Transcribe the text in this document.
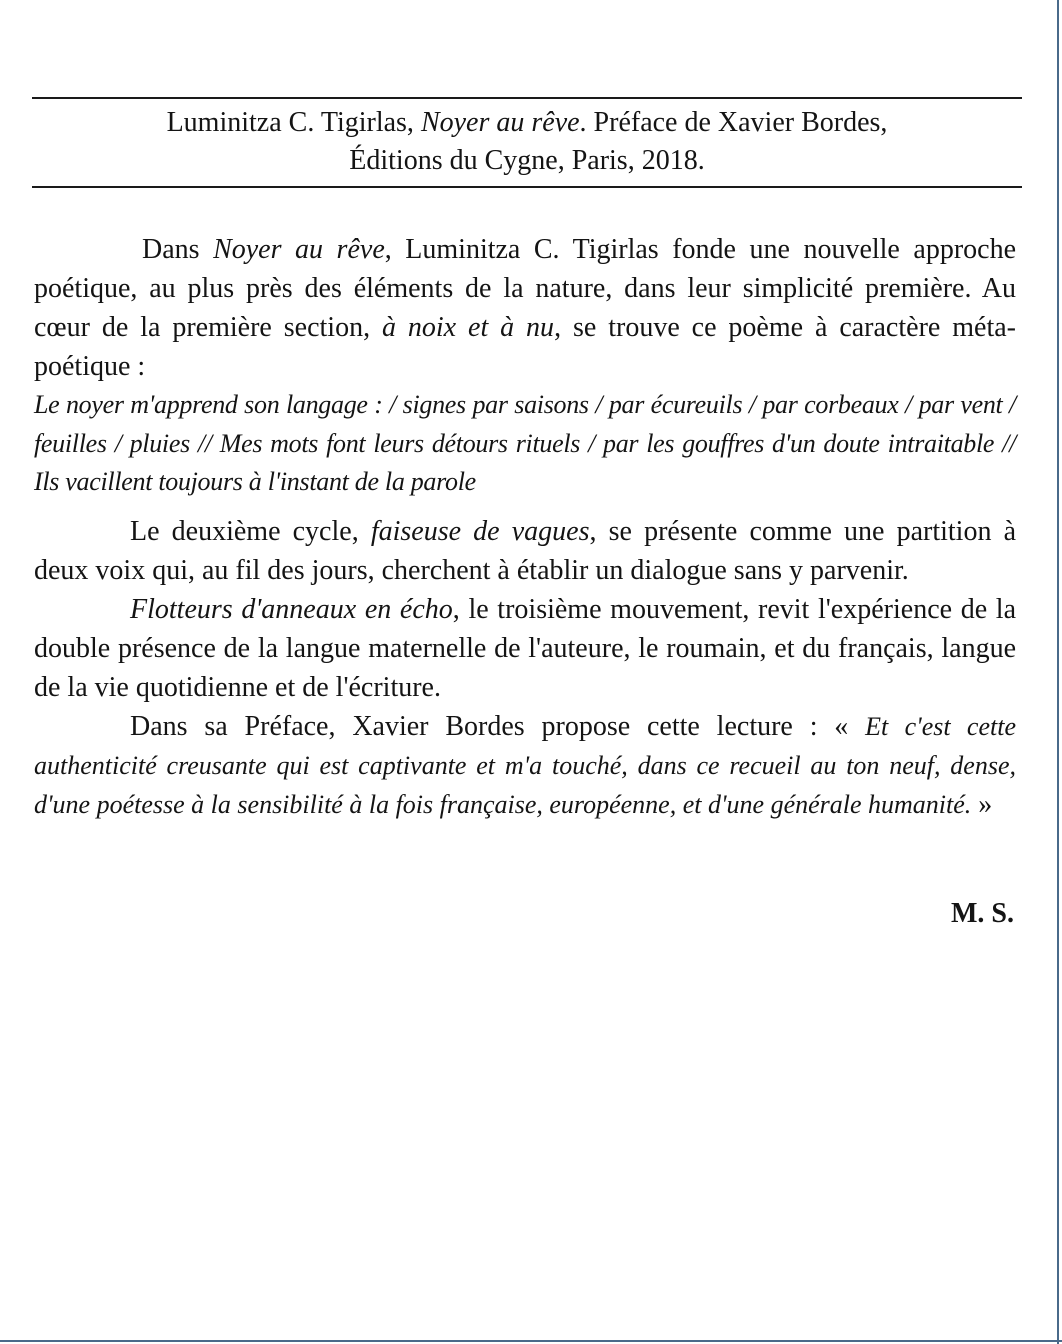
Luminitza C. Tigirlas, Noyer au rêve. Préface de Xavier Bordes,
Éditions du Cygne, Paris, 2018.

Dans Noyer au rêve, Luminitza C. Tigirlas fonde une nouvelle approche poétique, au plus près des éléments de la nature, dans leur simplicité première. Au cœur de la première section, à noix et à nu, se trouve ce poème à caractère méta-poétique :

Le noyer m'apprend son langage : / signes par saisons / par écureuils / par corbeaux / par vent / feuilles / pluies // Mes mots font leurs détours rituels / par les gouffres d'un doute intraitable // Ils vacillent toujours à l'instant de la parole

Le deuxième cycle, faiseuse de vagues, se présente comme une partition à deux voix qui, au fil des jours, cherchent à établir un dialogue sans y parvenir.

Flotteurs d'anneaux en écho, le troisième mouvement, revit l'expérience de la double présence de la langue maternelle de l'auteure, le roumain, et du français, langue de la vie quotidienne et de l'écriture.

Dans sa Préface, Xavier Bordes propose cette lecture : « Et c'est cette authenticité creusante qui est captivante et m'a touché, dans ce recueil au ton neuf, dense, d'une poétesse à la sensibilité à la fois française, européenne, et d'une générale humanité. »

M. S.
